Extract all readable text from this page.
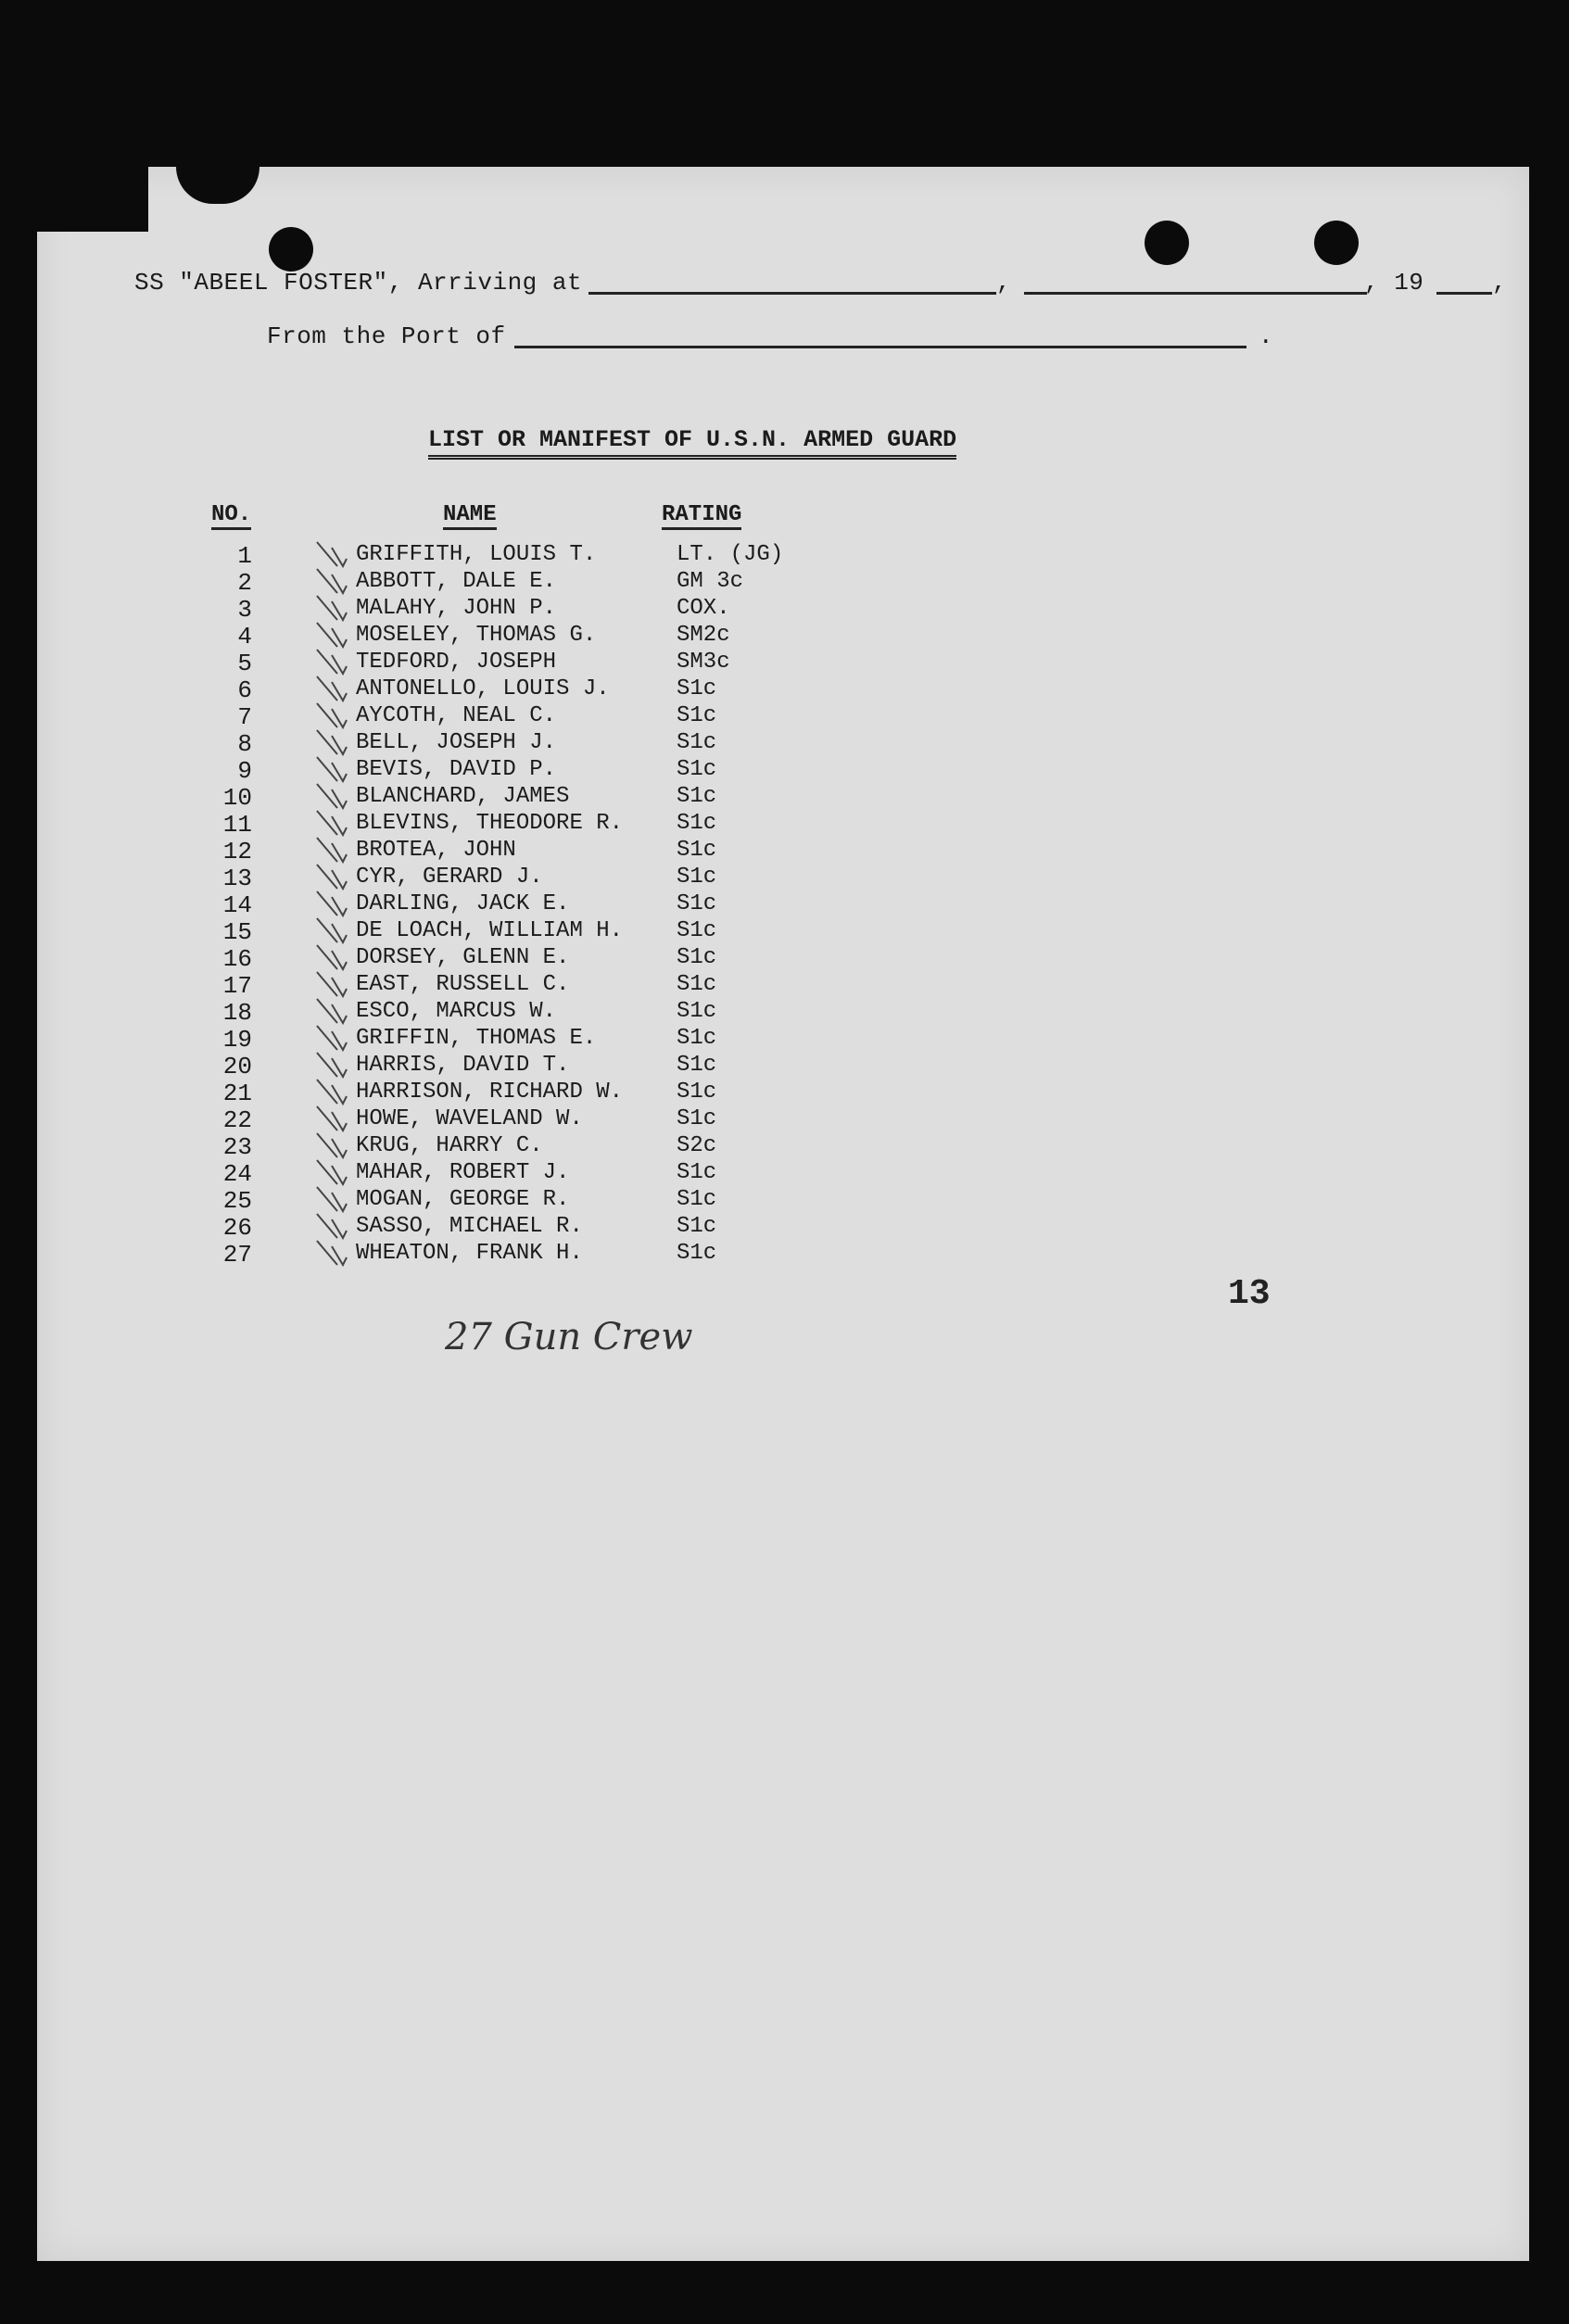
SS "ABEEL FOSTER", Arriving at	,	, 19	,
From the Port of	.
LIST OR MANIFEST OF U.S.N. ARMED GUARD
NO.	NAME	RATING
1	GRIFFITH, LOUIS T.	LT. (JG)
2	ABBOTT, DALE E.	GM 3c
3	MALAHY, JOHN P.	COX.
4	MOSELEY, THOMAS G.	SM2c
5	TEDFORD, JOSEPH	SM3c
6	ANTONELLO, LOUIS J.	S1c
7	AYCOTH, NEAL C.	S1c
8	BELL, JOSEPH J.	S1c
9	BEVIS, DAVID P.	S1c
10	BLANCHARD, JAMES	S1c
11	BLEVINS, THEODORE R. S1c
12	BROTEA, JOHN	S1c
13	CYR, GERARD J.	S1c
14	DARLING, JACK E.	S1c
15	DE LOACH, WILLIAM H. S1c
16	DORSEY, GLENN E.	S1c
17	EAST, RUSSELL C.	S1c
18	ESCO, MARCUS W.	S1c
19	GRIFFIN, THOMAS E.	S1c
20	HARRIS, DAVID T.	S1c
21	HARRISON, RICHARD W. S1c
22	HOWE, WAVELAND W.	S1c
23	KRUG, HARRY C.	S2c
24	MAHAR, ROBERT J.	S1c
25	MOGAN, GEORGE R.	S1c
26	SASSO, MICHAEL R.	S1c
27	WHEATON, FRANK H.	S1c
13
27 Gun Crew
